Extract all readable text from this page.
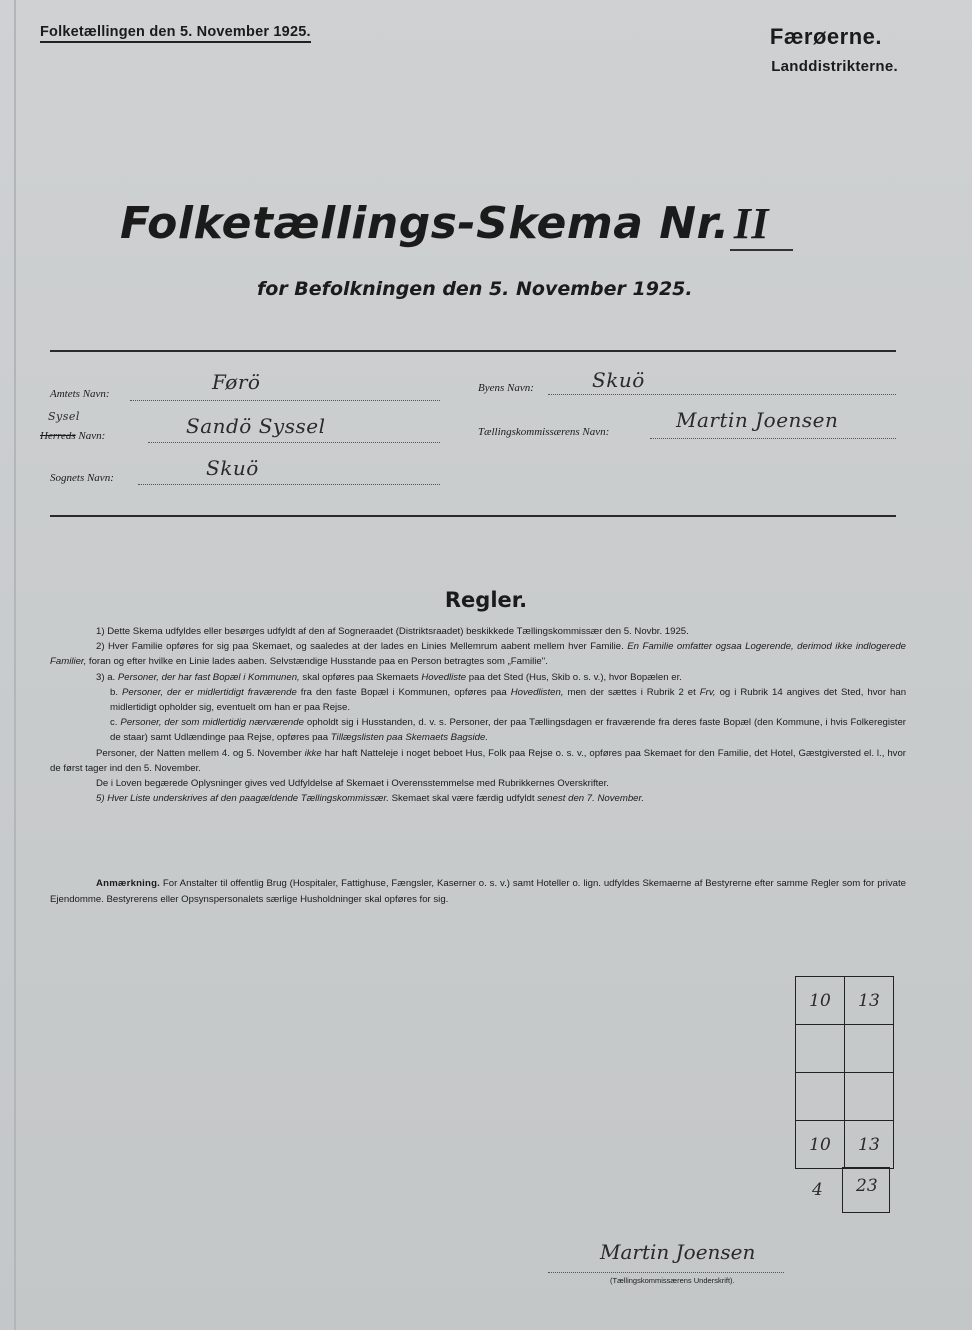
Folketællingen den 5. November 1925.	Færøerne.
Landdistrikterne.
Folketællings-Skema Nr.II
for Befolkningen den 5. November 1925.
Amtets Navn:	Førö
Sysel
Herreds Navn:	Sandö Syssel
Sognets Navn:	Skuö
Byens Navn:	Skuö
Tællingskommissærens Navn:	Martin Joensen
Regler.

1) Dette Skema udfyldes eller besørges udfyldt af den af Sogneraadet (Distriktsraadet) beskikkede Tællingskommissær den 5. Novbr. 1925.

2) Hver Familie opføres for sig paa Skemaet, og saaledes at der lades en Linies Mellemrum aabent mellem hver Familie. En Familie omfatter ogsaa Logerende, derimod ikke indlogerede Familier, foran og efter hvilke en Linie lades aaben. Selvstændige Husstande paa en Person betragtes som „Familie".

3) a. Personer, der har fast Bopæl i Kommunen, skal opføres paa Skemaets Hovedliste paa det Sted (Hus, Skib o. s. v.), hvor Bopælen er.

b. Personer, der er midlertidigt fraværende fra den faste Bopæl i Kommunen, opføres paa Hovedlisten, men der sættes i Rubrik 2 et Frv, og i Rubrik 14 angives det Sted, hvor han midlertidigt opholder sig, eventuelt om han er paa Rejse.

c. Personer, der som midlertidig nærværende opholdt sig i Husstanden, d. v. s. Personer, der paa Tællingsdagen er fraværende fra deres faste Bopæl (den Kommune, i hvis Folkeregister de staar) samt Udlændinge paa Rejse, opføres paa Tillægslisten paa Skemaets Bagside.

Personer, der Natten mellem 4. og 5. November ikke har haft Natteleje i noget beboet Hus, Folk paa Rejse o. s. v., opføres paa Skemaet for den Familie, det Hotel, Gæstgiversted el. l., hvor de først tager ind den 5. November.

De i Loven begærede Oplysninger gives ved Udfyldelse af Skemaet i Overensstemmelse med Rubrikkernes Overskrifter.

5) Hver Liste underskrives af den paagældende Tællingskommissær. Skemaet skal være færdig udfyldt senest den 7. November.

Anmærkning. For Anstalter til offentlig Brug (Hospitaler, Fattighuse, Fængsler, Kaserner o. s. v.) samt Hoteller o. lign. udfyldes Skemaerne af Bestyrerne efter samme Regler som for private Ejendomme. Bestyrerens eller Opsynspersonalets særlige Husholdninger skal opføres for sig.
10	13

10	13
4 23
Martin Joensen
(Tællingskommissærens Underskrift).
